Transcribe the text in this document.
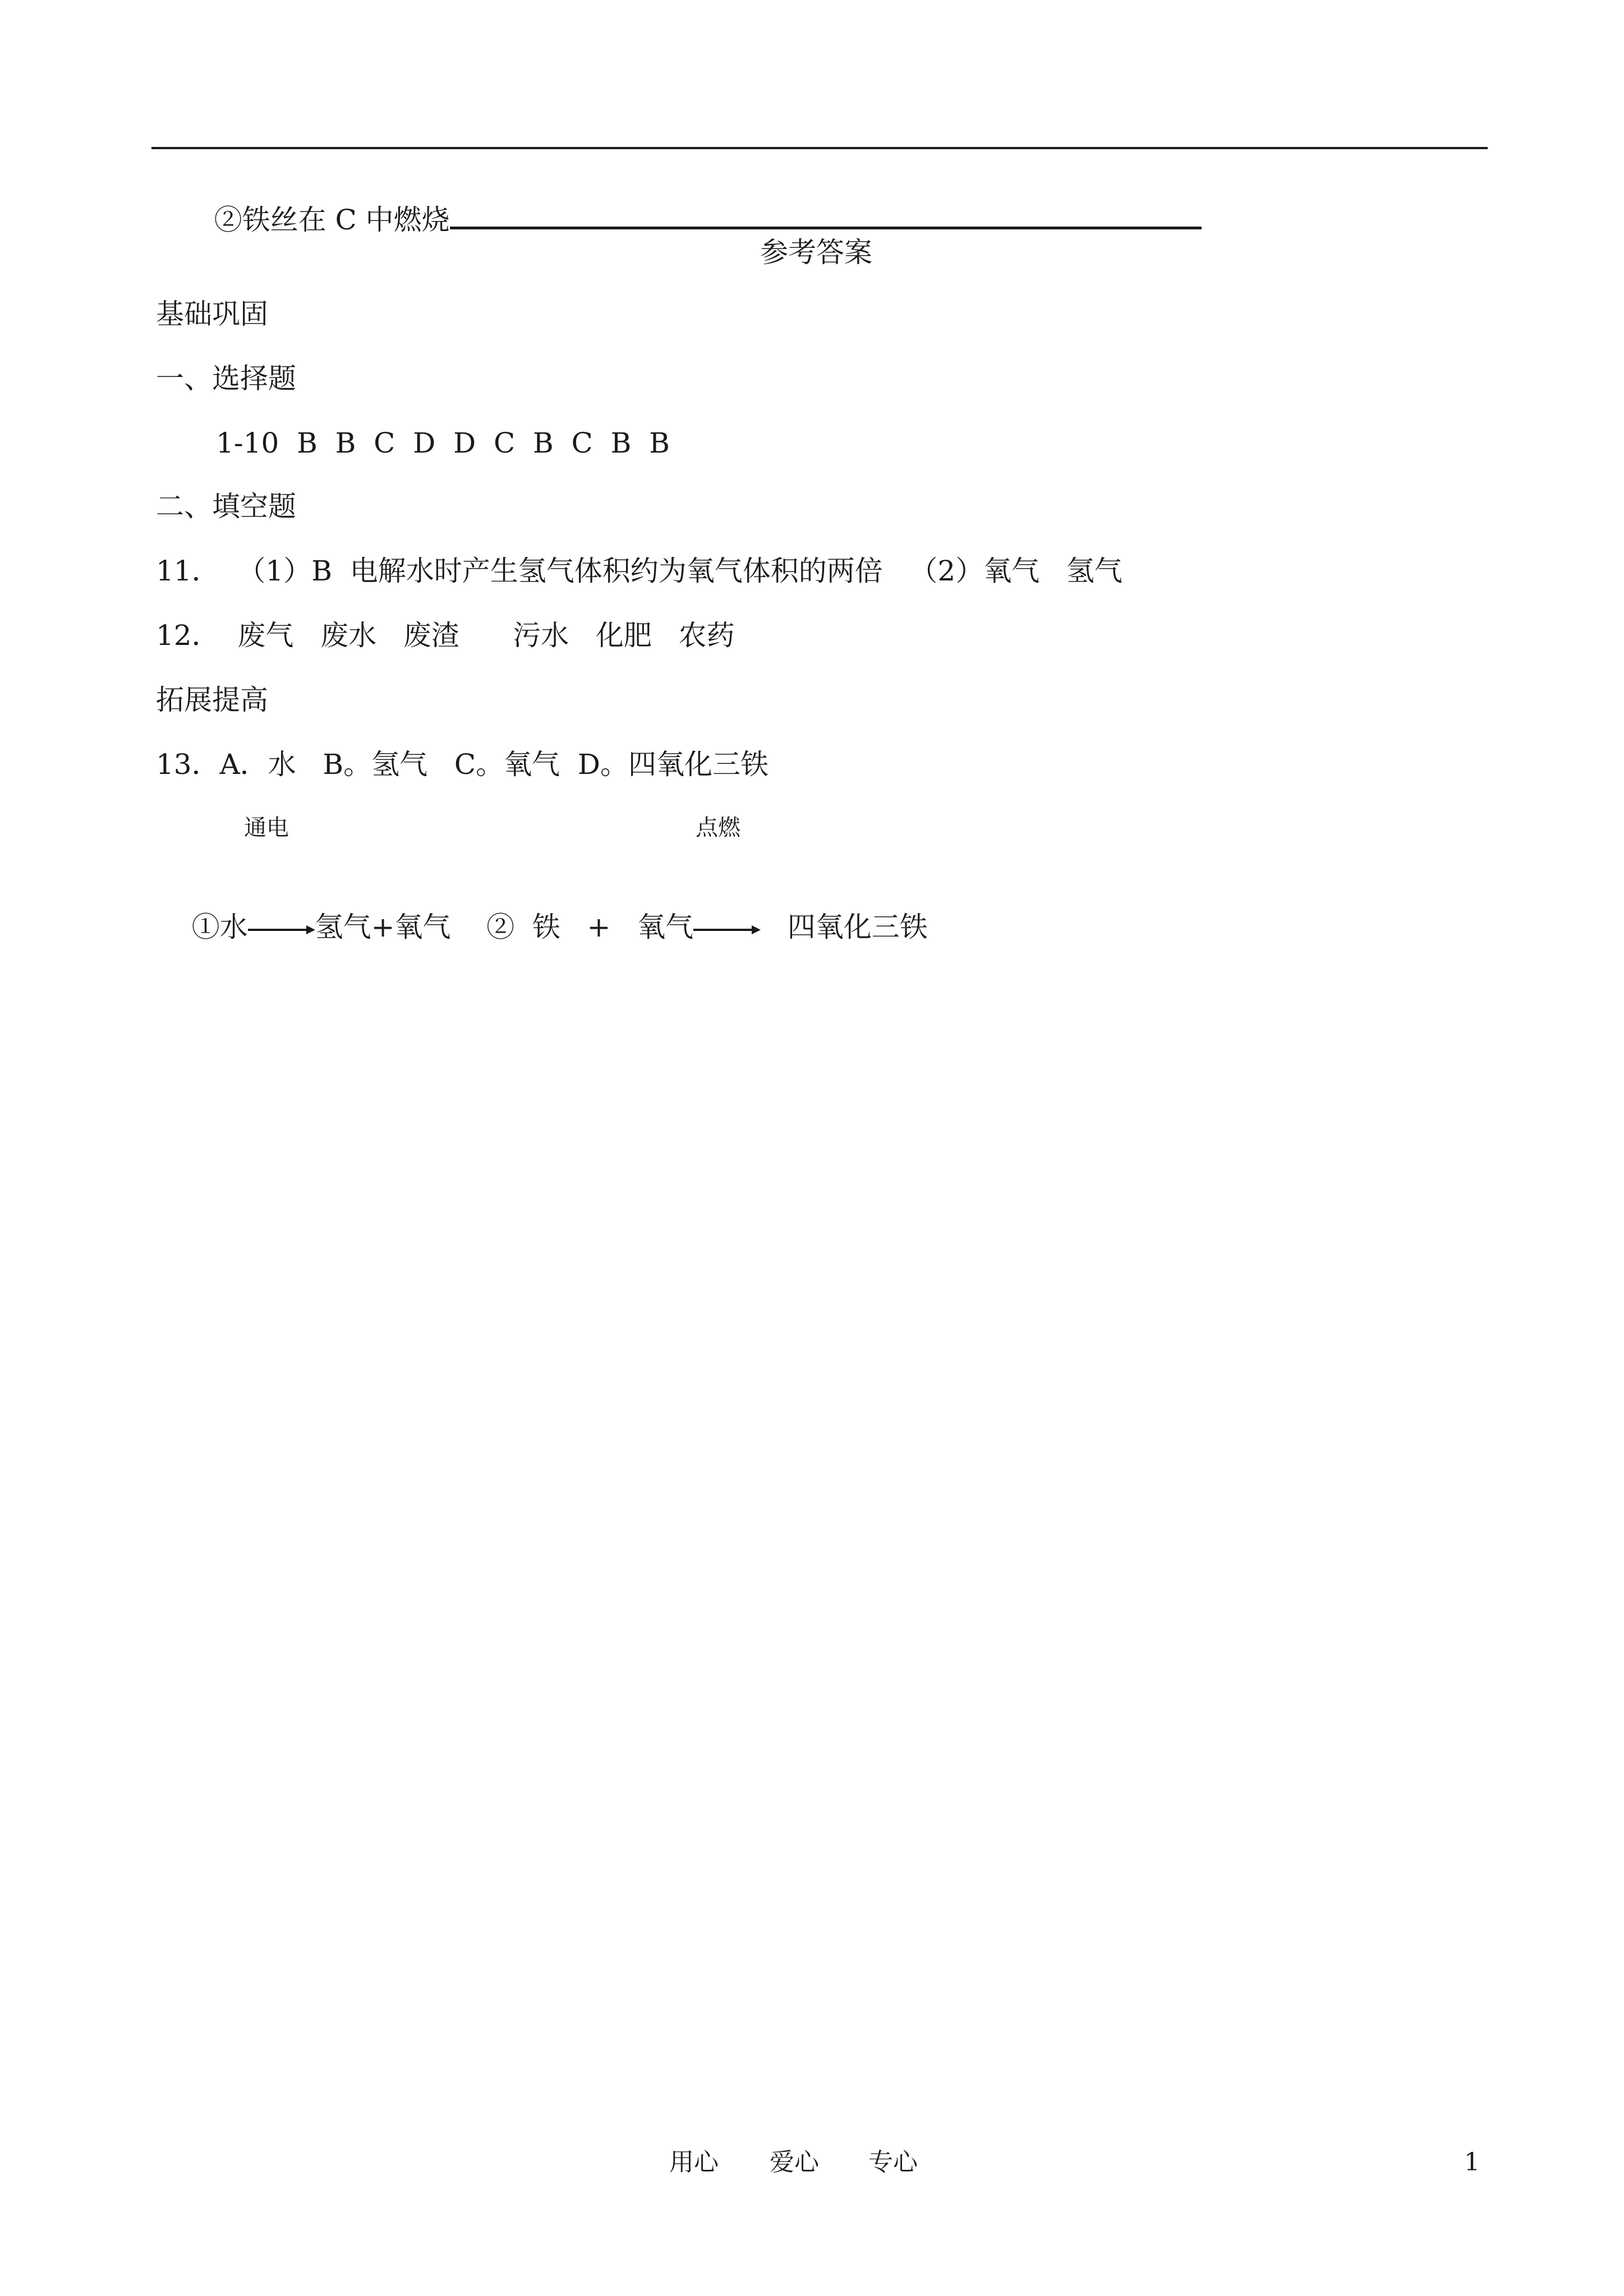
②铁丝在 C 中燃烧

参考答案
基础巩固
一、选择题
1-10  B  B  C  D  D  C  B  C  B  B
二、填空题
11．  （1）B  电解水时产生氢气体积约为氧气体积的两倍   （2）氧气   氢气
12．  废气   废水   废渣      污水   化肥   农药
拓展提高
13．A．水   B。氢气   C。氧气  D。四氧化三铁
通电	点燃

①水 氢气+氧气 ②  铁   +   氧气	四氧化三铁

用心 爱心 专心	1
